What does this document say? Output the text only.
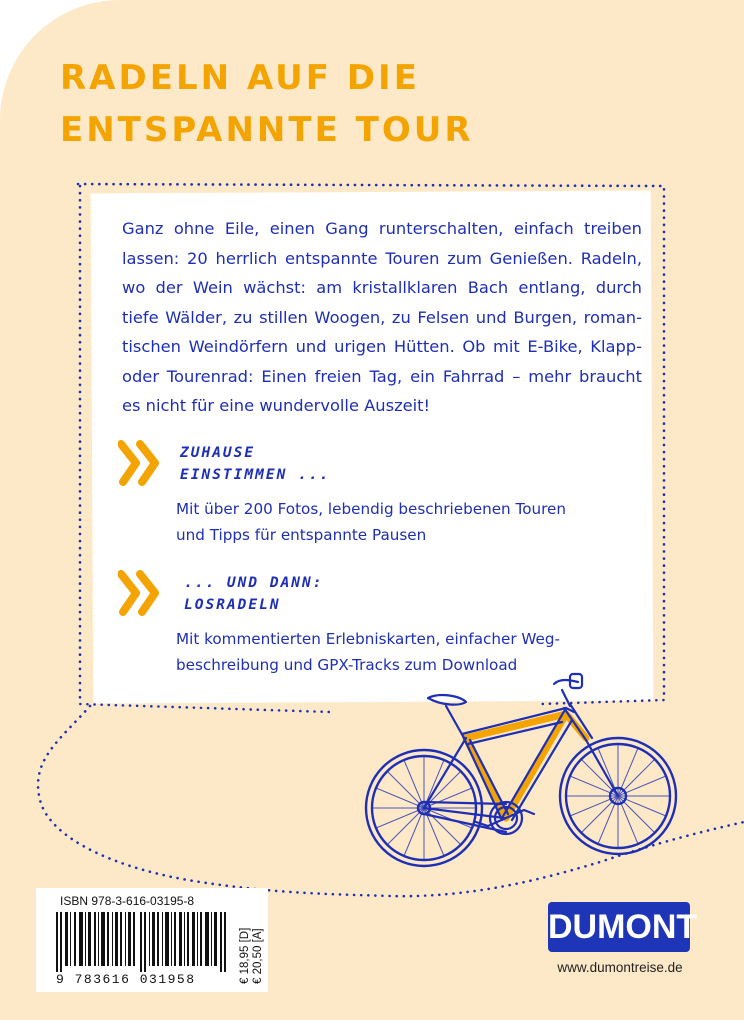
RADELN AUF DIE
ENTSPANNTE TOUR

Ganz ohne Eile, einen Gang runterschalten, einfach treiben
lassen: 20 herrlich entspannte Touren zum Genießen. Radeln,
wo der Wein wächst: am kristallklaren Bach entlang, durch
tiefe Wälder, zu stillen Woogen, zu Felsen und Burgen, roman-
tischen Weindörfern und urigen Hütten. Ob mit E-Bike, Klapp-
oder Tourenrad: Einen freien Tag, ein Fahrrad – mehr braucht
es nicht für eine wundervolle Auszeit!

ZUHAUSE
EINSTIMMEN ...

Mit über 200 Fotos, lebendig beschriebenen Touren
und Tipps für entspannte Pausen

... UND DANN:
LOSRADELN

Mit kommentierten Erlebniskarten, einfacher Weg-
beschreibung und GPX-Tracks zum Download

ISBN 978-3-616-03195-8
9 783616 031958	€ 18,95 [D] € 20,50 [A]
DUMONT
www.dumontreise.de
